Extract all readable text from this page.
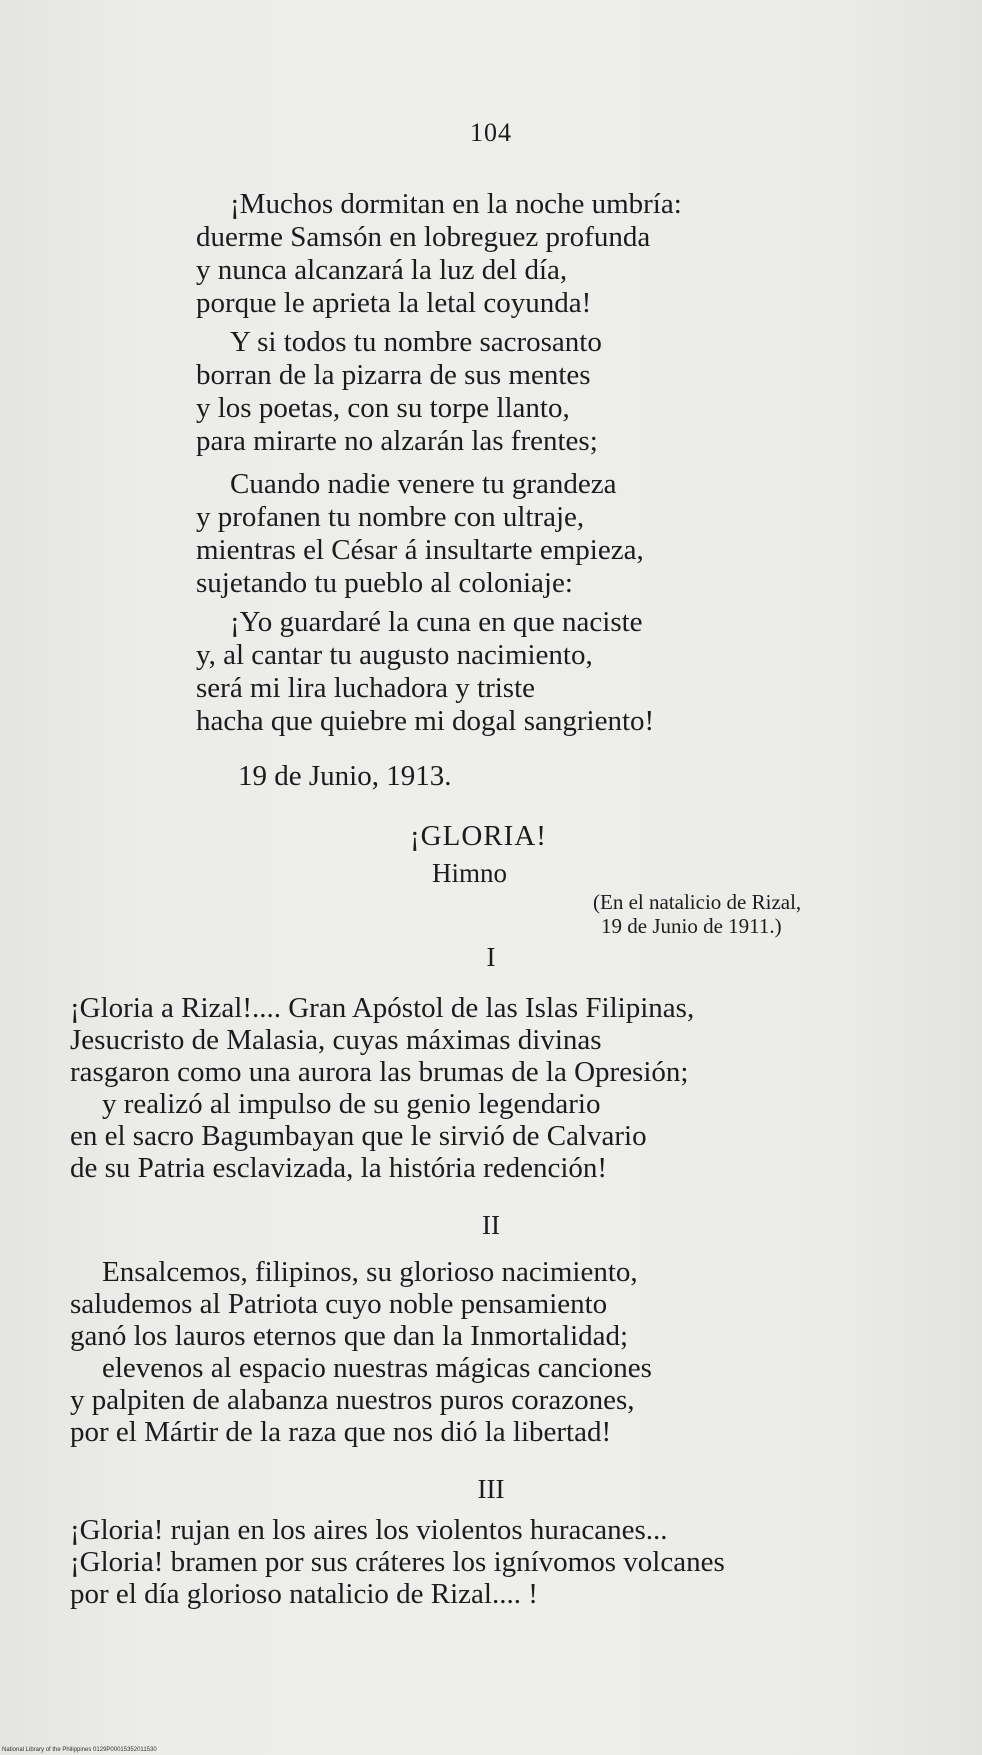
104
¡Muchos dormitan en la noche umbría:
duerme Samsón en lobreguez profunda
y nunca alcanzará la luz del día,
porque le aprieta la letal coyunda!
Y si todos tu nombre sacrosanto
borran de la pizarra de sus mentes
y los poetas, con su torpe llanto,
para mirarte no alzarán las frentes;
Cuando nadie venere tu grandeza
y profanen tu nombre con ultraje,
mientras el César á insultarte empieza,
sujetando tu pueblo al coloniaje:
¡Yo guardaré la cuna en que naciste
y, al cantar tu augusto nacimiento,
será mi lira luchadora y triste
hacha que quiebre mi dogal sangriento!
19 de Junio, 1913.
¡GLORIA!
Himno
(En el natalicio de Rizal,
19 de Junio de 1911.)
I
¡Gloria a Rizal!.... Gran Apóstol de las Islas Filipinas,
Jesucristo de Malasia, cuyas máximas divinas
rasgaron como una aurora las brumas de la Opresión;
y realizó al impulso de su genio legendario
en el sacro Bagumbayan que le sirvió de Calvario
de su Patria esclavizada, la história redención!
II
Ensalcemos, filipinos, su glorioso nacimiento,
saludemos al Patriota cuyo noble pensamiento
ganó los lauros eternos que dan la Inmortalidad;
elevenos al espacio nuestras mágicas canciones
y palpiten de alabanza nuestros puros corazones,
por el Mártir de la raza que nos dió la libertad!
III
¡Gloria! rujan en los aires los violentos huracanes...
¡Gloria! bramen por sus cráteres los ignívomos volcanes
por el día glorioso natalicio de Rizal.... !
National Library of the Philippines 0129P00015352011530
